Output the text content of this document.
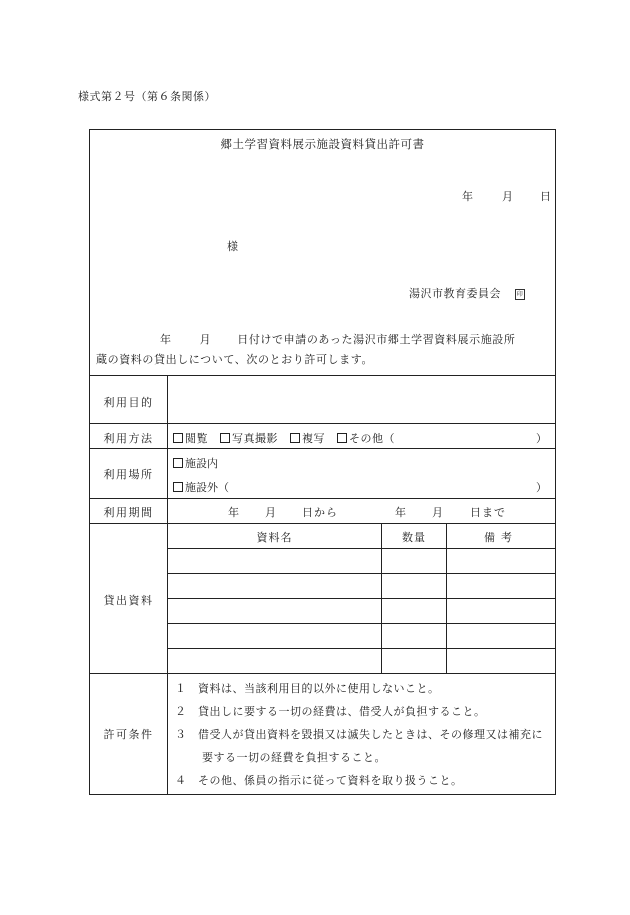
様式第２号（第６条関係）
郷土学習資料展示施設資料貸出許可書
年	月 日
様
湯沢市教育委員会	印
年	月 日付けで申請のあった湯沢市郷土学習資料展示施設所
蔵の資料の貸出しについて、次のとおり許可します。
利用目的
利用方法	閲覧 写真撮影 複写 その他（	）
利用場所
施設内
施設外（	）
利用期間	年 月 日から	年 月 日まで
貸出資料
資料名	数量	備考
許可条件
１　資料は、当該利用目的以外に使用しないこと。
２　貸出しに要する一切の経費は、借受人が負担すること。
３　借受人が貸出資料を毀損又は滅失したときは、その修理又は補充に
要する一切の経費を負担すること。
４　その他、係員の指示に従って資料を取り扱うこと。
